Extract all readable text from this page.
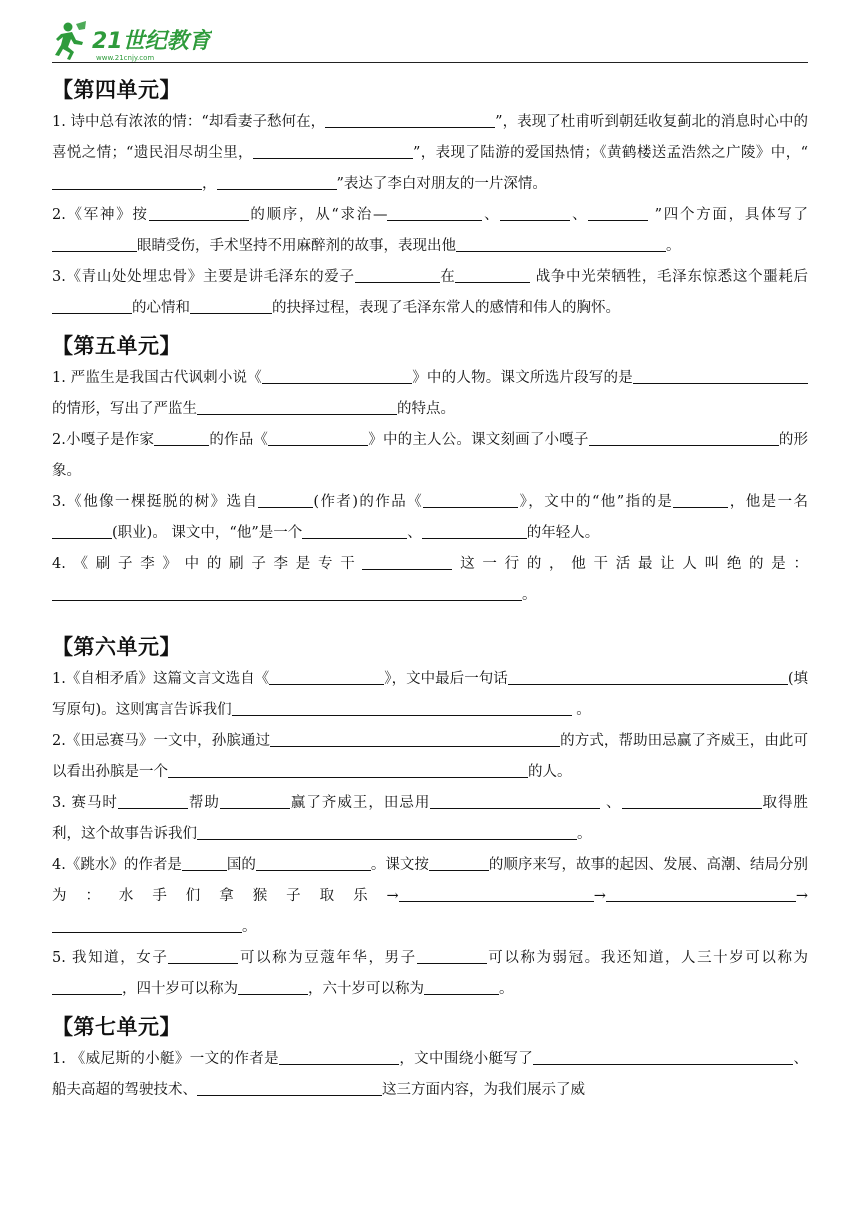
21世纪教育
www.21cnjy.com
【第四单元】

1. 诗中总有浓浓的情：“却看妻子愁何在，	”，表现了杜甫听到朝廷收复蓟北的消息时心中的喜悦之情；“遗民泪尽胡尘里，	”，表现了陆游的爱国热情；《黄鹤楼送孟浩然之广陵》中，“，	”表达了李白对朋友的一片深情。

2.《军神》按	的顺序，从“求治—	、	、	”四个方面，具体写了眼睛受伤，手术坚持不用麻醉剂的故事，表现出他	。

3.《青山处处埋忠骨》主要是讲毛泽东的爱子	在	战争中光荣牺牲，毛泽东惊悉这个噩耗后的心情和	的抉择过程，表现了毛泽东常人的感情和伟人的胸怀。

【第五单元】

1. 严监生是我国古代讽刺小说《	》中的人物。课文所选片段写的是的情形，写出了严监生	的特点。

2.小嘎子是作家	的作品《	》中的主人公。课文刻画了小嘎子	的形象。

3.《他像一棵挺脱的树》选自	(作者)的作品《	》，文中的“他”指的是	，他是一名(职业)。 课文中，“他”是一个	、	的年轻人。

4.《刷子李》中的刷子李是专干	这一行的，他干活最让人叫绝的是：。

【第六单元】

1.《自相矛盾》这篇文言文选自《	》，文中最后一句话	(填写原句)。这则寓言告诉我们	。

2.《田忌赛马》一文中，孙膑通过	的方式，帮助田忌赢了齐威王，由此可以看出孙膑是一个	的人。

3. 赛马时	帮助	赢了齐威王，田忌用	、	取得胜利，这个故事告诉我们	。

4.《跳水》的作者是	国的	。课文按	的顺序来写，故事的起因、发展、高潮、结局分别为：水手们拿猴子取乐→	→	→。

5. 我知道，女子	可以称为豆蔻年华，男子	可以称为弱冠。我还知道，人三十岁可以称为，四十岁可以称为	，六十岁可以称为	。

【第七单元】

1. 《威尼斯的小艇》一文的作者是	，文中围绕小艇写了	、船夫高超的驾驶技术、	这三方面内容，为我们展示了威
